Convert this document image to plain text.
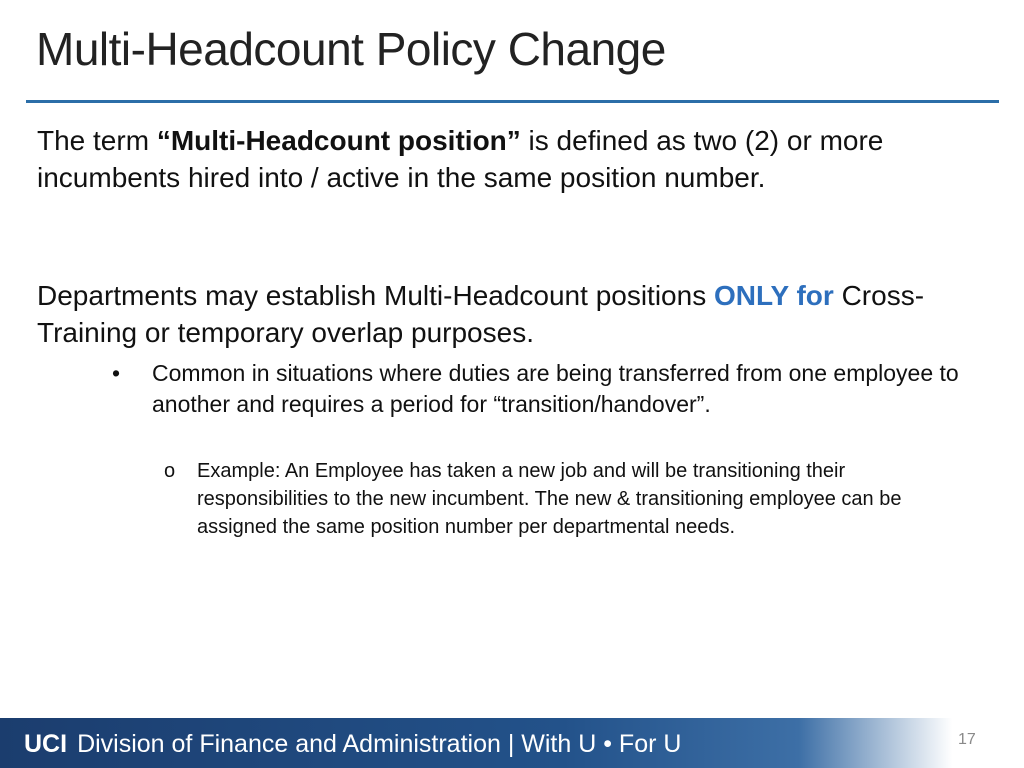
Multi-Headcount Policy Change
The term “Multi-Headcount position” is defined as two (2) or more incumbents hired into / active in the same position number.
Departments may establish Multi-Headcount positions ONLY for Cross-Training or temporary overlap purposes.
•	Common in situations where duties are being transferred from one employee to another and requires a period for “transition/handover”.
o	Example: An Employee has taken a new job and will be transitioning their responsibilities to the new incumbent. The new & transitioning employee can be assigned the same position number per departmental needs.
UCI Division of Finance and Administration | With U • For U	17
